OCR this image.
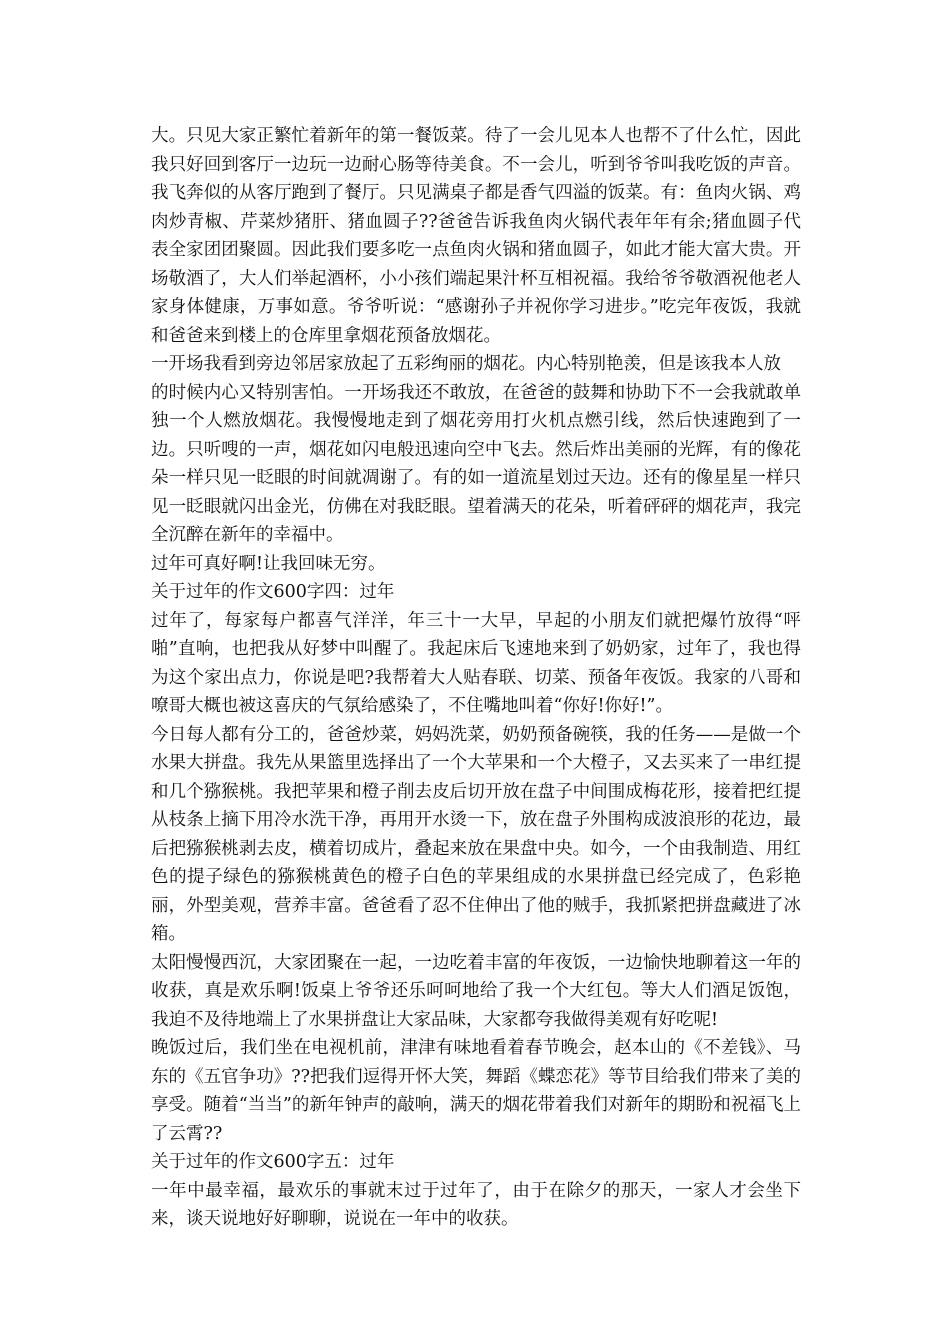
大。只见大家正繁忙着新年的第一餐饭菜。待了一会儿见本人也帮不了什么忙，因此我只好回到客厅一边玩一边耐心肠等待美食。不一会儿，听到爷爷叫我吃饭的声音。我飞奔似的从客厅跑到了餐厅。只见满桌子都是香气四溢的饭菜。有：鱼肉火锅、鸡肉炒青椒、芹菜炒猪肝、猪血圆子??爸爸告诉我鱼肉火锅代表年年有余;猪血圆子代表全家团团聚圆。因此我们要多吃一点鱼肉火锅和猪血圆子，如此才能大富大贵。开场敬酒了，大人们举起酒杯，小小孩们端起果汁杯互相祝福。我给爷爷敬酒祝他老人家身体健康，万事如意。爷爷听说：“感谢孙子并祝你学习进步。”吃完年夜饭，我就和爸爸来到楼上的仓库里拿烟花预备放烟花。

一开场我看到旁边邻居家放起了五彩绚丽的烟花。内心特别艳羡，但是该我本人放

的时候内心又特别害怕。一开场我还不敢放，在爸爸的鼓舞和协助下不一会我就敢单独一个人燃放烟花。我慢慢地走到了烟花旁用打火机点燃引线，然后快速跑到了一边。只听嗖的一声，烟花如闪电般迅速向空中飞去。然后炸出美丽的光辉，有的像花朵一样只见一眨眼的时间就凋谢了。有的如一道流星划过天边。还有的像星星一样只见一眨眼就闪出金光，仿佛在对我眨眼。望着满天的花朵，听着砰砰的烟花声，我完全沉醉在新年的幸福中。

过年可真好啊!让我回味无穷。

关于过年的作文600字四：过年

过年了，每家每户都喜气洋洋，年三十一大早，早起的小朋友们就把爆竹放得“呯啪”直响，也把我从好梦中叫醒了。我起床后飞速地来到了奶奶家，过年了，我也得为这个家出点力，你说是吧?我帮着大人贴春联、切菜、预备年夜饭。我家的八哥和嘹哥大概也被这喜庆的气氛给感染了，不住嘴地叫着“你好!你好!”。

今日每人都有分工的，爸爸炒菜，妈妈洗菜，奶奶预备碗筷，我的任务——是做一个水果大拼盘。我先从果篮里选择出了一个大苹果和一个大橙子，又去买来了一串红提和几个猕猴桃。我把苹果和橙子削去皮后切开放在盘子中间围成梅花形，接着把红提从枝条上摘下用冷水洗干净，再用开水烫一下，放在盘子外围构成波浪形的花边，最后把猕猴桃剥去皮，横着切成片，叠起来放在果盘中央。如今，一个由我制造、用红色的提子绿色的猕猴桃黄色的橙子白色的苹果组成的水果拼盘已经完成了，色彩艳丽，外型美观，营养丰富。爸爸看了忍不住伸出了他的贼手，我抓紧把拼盘藏进了冰箱。

太阳慢慢西沉，大家团聚在一起，一边吃着丰富的年夜饭，一边愉快地聊着这一年的收获，真是欢乐啊!饭桌上爷爷还乐呵呵地给了我一个大红包。等大人们酒足饭饱，我迫不及待地端上了水果拼盘让大家品味，大家都夸我做得美观有好吃呢!

晚饭过后，我们坐在电视机前，津津有味地看着春节晚会，赵本山的《不差钱》、马东的《五官争功》??把我们逗得开怀大笑，舞蹈《蝶恋花》等节目给我们带来了美的享受。随着“当当”的新年钟声的敲响，满天的烟花带着我们对新年的期盼和祝福飞上了云霄??

关于过年的作文600字五：过年

一年中最幸福，最欢乐的事就末过于过年了，由于在除夕的那天，一家人才会坐下来，谈天说地好好聊聊，说说在一年中的收获。
